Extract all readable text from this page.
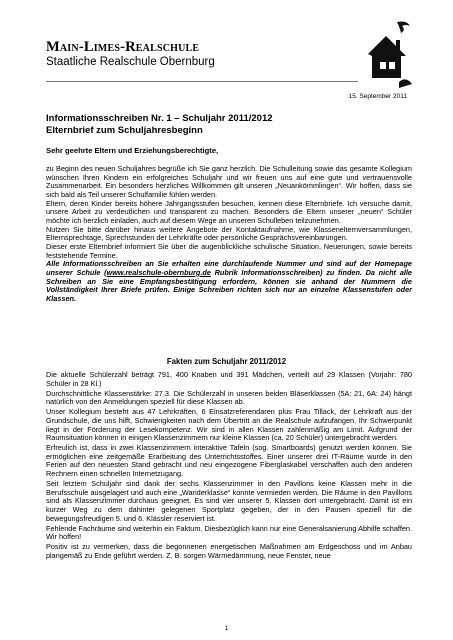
Main-Limes-Realschule
Staatliche Realschule Obernburg
15. September 2011
Informationsschreiben Nr. 1 – Schuljahr 2011/2012
Elternbrief zum Schuljahresbeginn
Sehr geehrte Eltern und Erziehungsberechtigte,

zu Beginn des neuen Schuljahres begrüße ich Sie ganz herzlich. Die Schulleitung sowie das gesamte Kollegium wünschen Ihren Kindern ein erfolgreiches Schuljahr und wir freuen uns auf eine gute und vertrauensvolle Zusammenarbeit. Ein besonders herzliches Willkommen gilt unseren „Neuankömmlingen“. Wir hoffen, dass sie sich bald als Teil unserer Schulfamilie fühlen werden.

Eltern, deren Kinder bereits höhere Jahrgangsstufen besuchen, kennen diese Elternbriefe. Ich versuche damit, unsere Arbeit zu verdeutlichen und transparent zu machen. Besonders die Eltern unserer „neuen“ Schüler möchte ich herzlich einladen, auch auf diesem Wege an unseren Schulleben teilzunehmen.

Nutzen Sie bitte darüber hinaus weitere Angebote der Kontaktaufnahme, wie Klassenelternversammlungen, Elternsprechtage, Sprechstunden der Lehrkräfte oder persönliche Gesprächsvereinbarungen.

Dieser erste Elternbrief informiert Sie über die augenblickliche schulische Situation, Neuerungen, sowie bereits feststehende Termine.

Alle Informationsschreiben an Sie erhalten eine durchlaufende Nummer und sind auf der Homepage unserer Schule (www.realschule-obernburg.de Rubrik Informationsschreiben) zu finden. Da nicht alle Schreiben an Sie eine Empfangsbestätigung erfordern, können sie anhand der Nummern die Vollständigkeit Ihrer Briefe prüfen. Einige Schreiben richten sich nur an einzelne Klassenstufen oder Klassen.

Fakten zum Schuljahr 2011/2012

Die aktuelle Schülerzahl beträgt 791, 400 Knaben und 391 Mädchen, verteilt auf 29 Klassen (Vorjahr: 780 Schüler in 28 Kl.)

Durchschnittliche Klassenstärke: 27,3. Die Schülerzahl in unseren beiden Bläserklassen (5A: 21, 6A: 24) hängt natürlich von den Anmeldungen speziell für diese Klassen ab.

Unser Kollegium besteht aus 47 Lehrkräften, 6 Einsatzreferendaren plus Frau Tillack, der Lehrkraft aus der Grundschule, die uns hilft, Schwierigkeiten nach dem Übertritt an die Realschule aufzufangen. Ihr Schwerpunkt liegt in der Förderung der Lesekompetenz. Wir sind in allen Klassen zahlenmäßig am Limit. Aufgrund der Raumsituation können in einigen Klassenzimmern nur kleine Klassen (ca. 20 Schüler) untergebracht werden.

Erfreulich ist, dass in zwei Klassenzimmern interaktive Tafeln (sog. Smartboards) genutzt werden können. Sie ermöglichen eine zeitgemäße Erarbeitung des Unterrichtsstoffes. Einer unserer drei IT-Räume wurde in den Ferien auf den neuesten Stand gebracht und neu eingezogene Fiberglaskabel verschaffen auch den anderen Rechnern einen schnellen Internetzugang.

Seit letztem Schuljahr sind dank der sechs Klassenzimmer in den Pavillons keine Klassen mehr in die Berufsschule ausgelagert und auch eine „Wanderklasse“ konnte vermieden werden. Die Räume in den Pavillons sind als Klassenzimmer durchaus geeignet. Es sind vier unserer 5. Klassen dort untergebracht. Damit ist ein kurzer Weg zu dem dahinter gelegenen Sportplatz gegeben, der in den Pausen speziell für die bewegungsfreudigen 5. und 6. Klässler reserviert ist.

Fehlende Fachräume sind weiterhin ein Faktum. Diesbezüglich kann nur eine Generalsanierung Abhilfe schaffen. Wir hoffen!

Positiv ist zu vermerken, dass die begonnenen energetischen Maßnahmen am Erdgeschoss und im Anbau plangemäß zu Ende geführt werden. Z. B. sorgen Wärmedämmung, neue Fenster, neue

1
